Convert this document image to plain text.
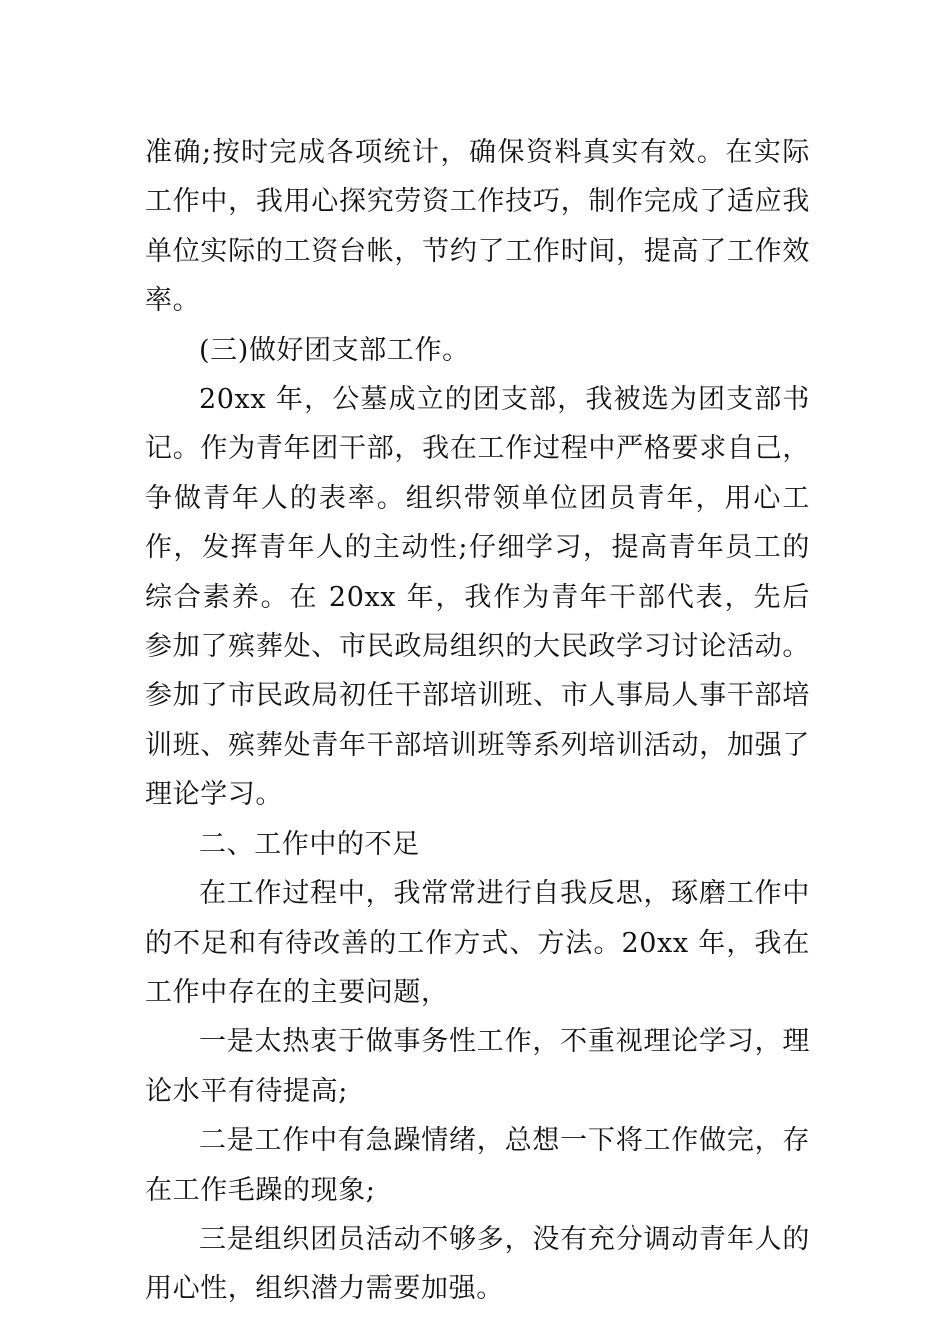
准确;按时完成各项统计，确保资料真实有效。在实际工作中，我用心探究劳资工作技巧，制作完成了适应我单位实际的工资台帐，节约了工作时间，提高了工作效率。

(三)做好团支部工作。

20xx 年，公墓成立的团支部，我被选为团支部书记。作为青年团干部，我在工作过程中严格要求自己，争做青年人的表率。组织带领单位团员青年，用心工作，发挥青年人的主动性;仔细学习，提高青年员工的综合素养。在 20xx 年，我作为青年干部代表，先后参加了殡葬处、市民政局组织的大民政学习讨论活动。参加了市民政局初任干部培训班、市人事局人事干部培训班、殡葬处青年干部培训班等系列培训活动，加强了理论学习。

二、工作中的不足

在工作过程中，我常常进行自我反思，琢磨工作中的不足和有待改善的工作方式、方法。20xx 年，我在工作中存在的主要问题，

一是太热衷于做事务性工作，不重视理论学习，理论水平有待提高;

二是工作中有急躁情绪，总想一下将工作做完，存在工作毛躁的现象;

三是组织团员活动不够多，没有充分调动青年人的用心性，组织潜力需要加强。
